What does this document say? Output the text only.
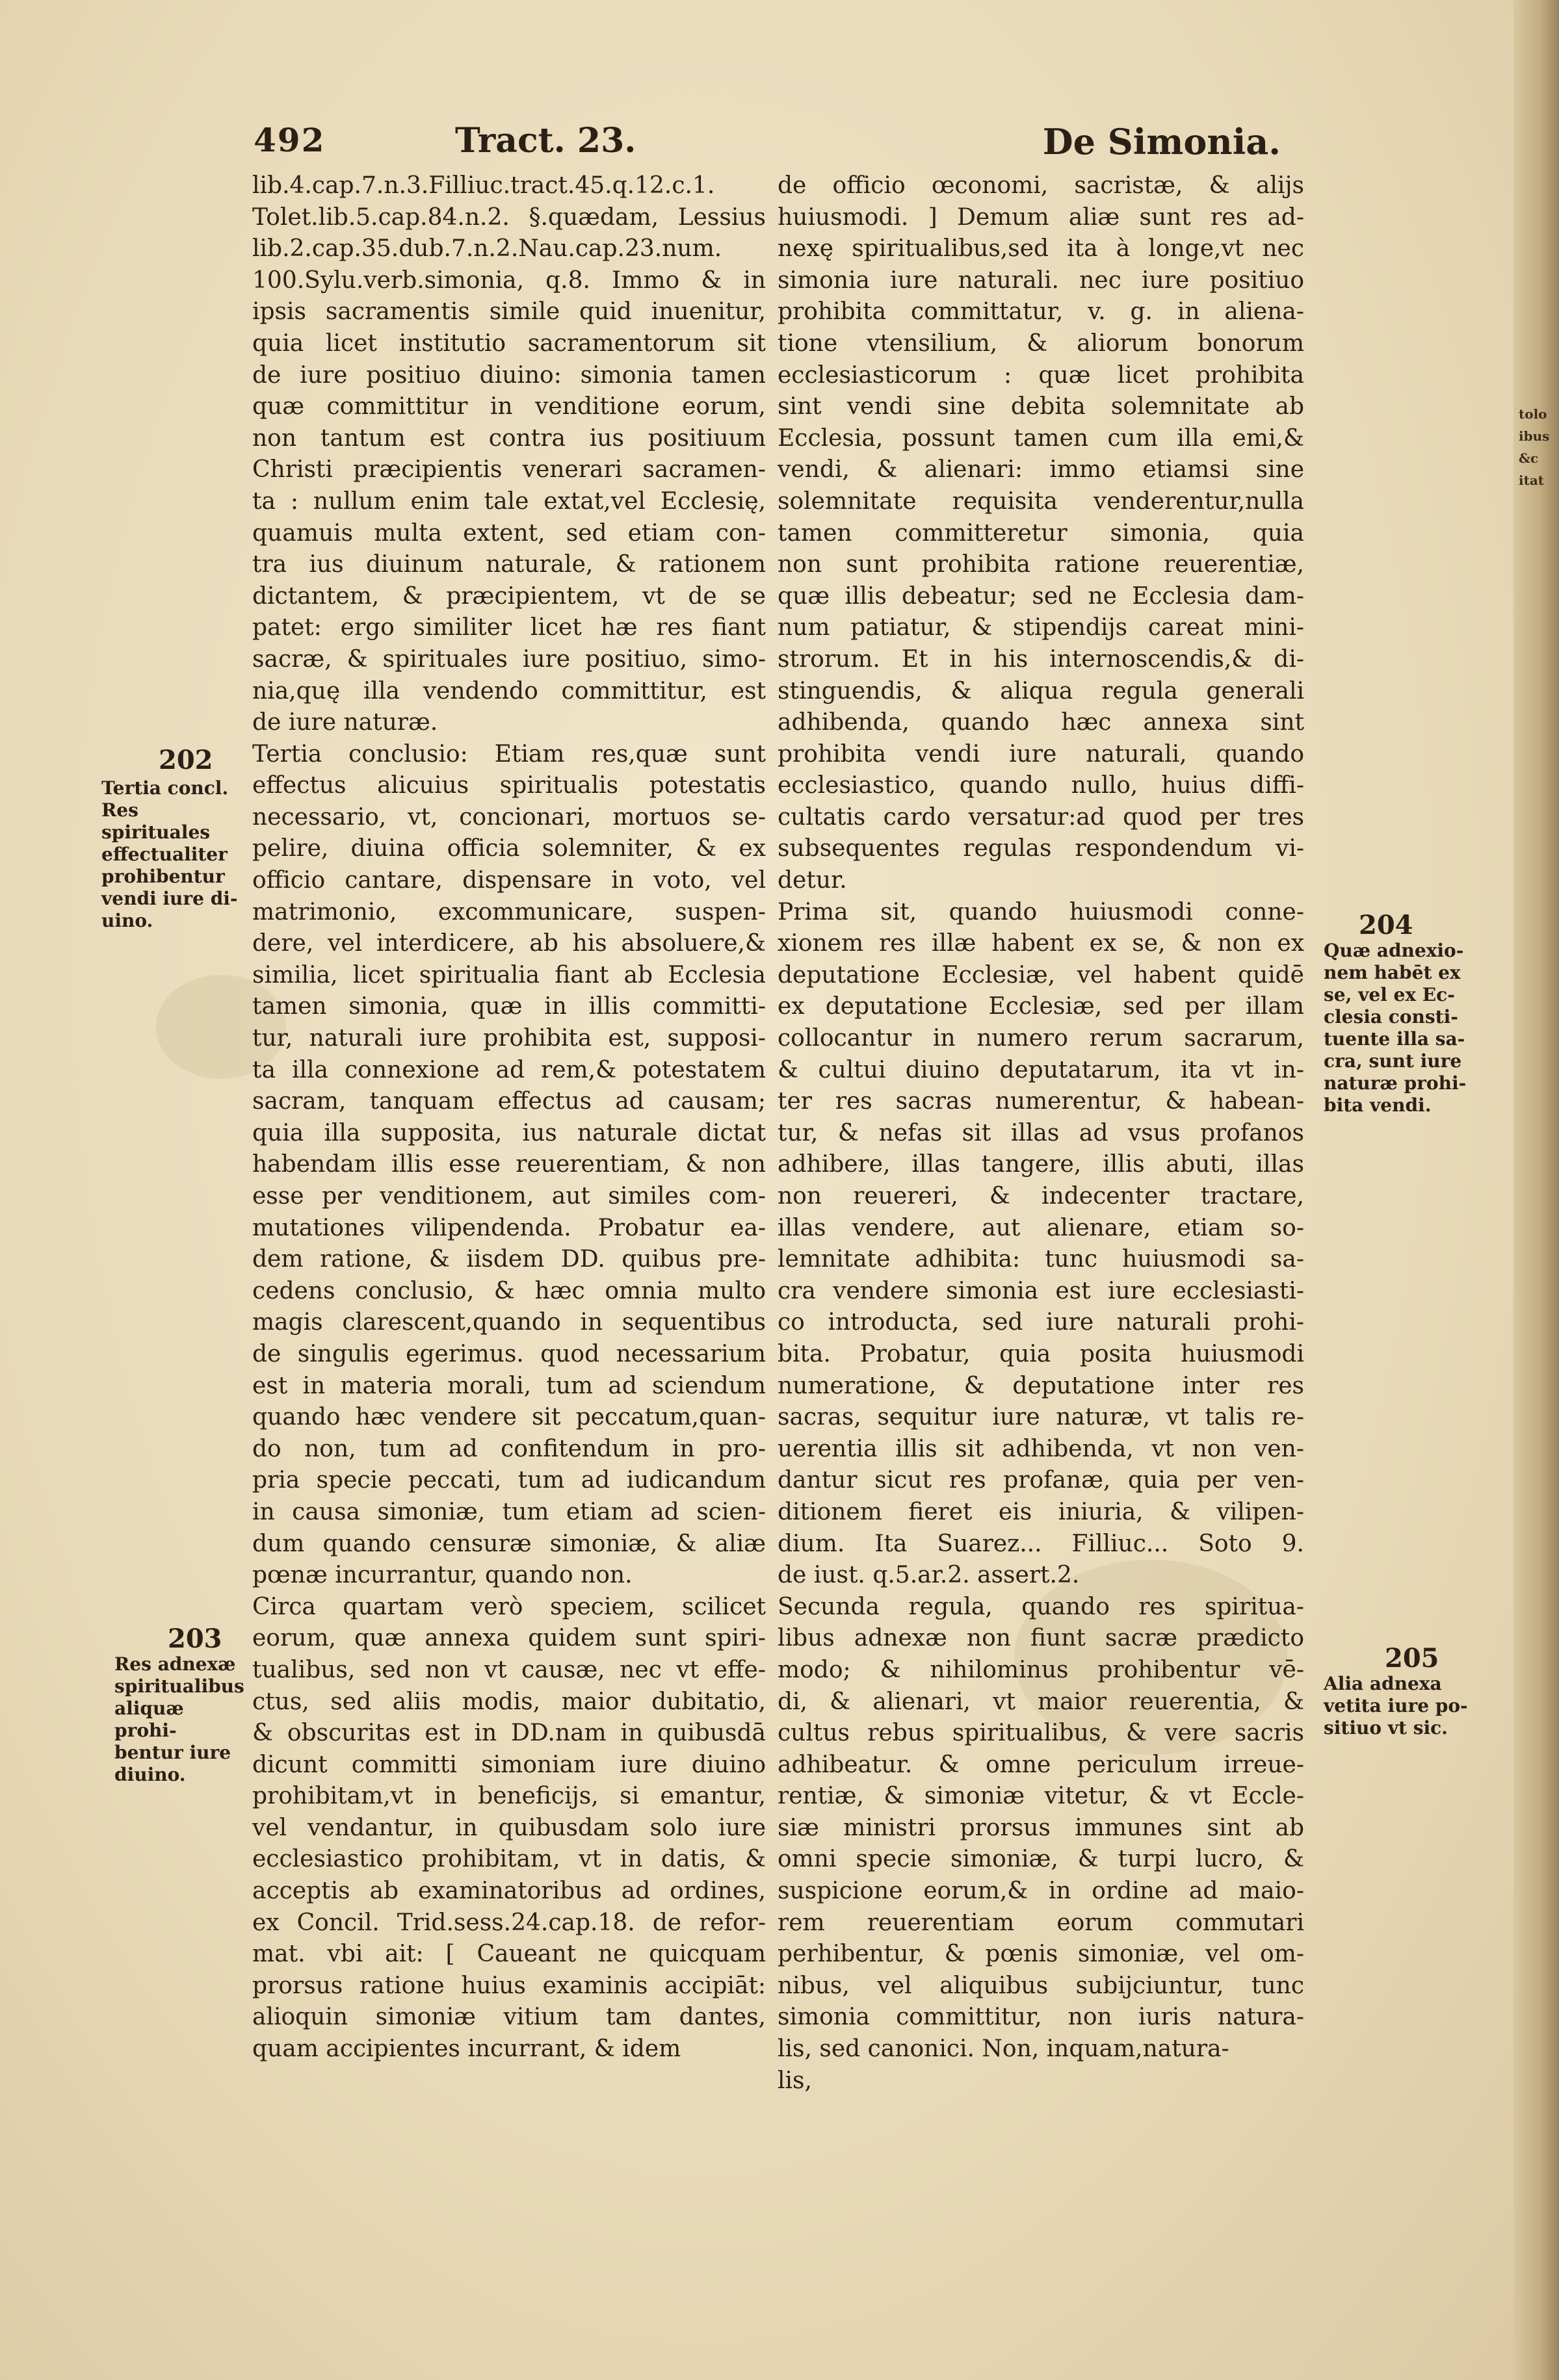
tolo
ibus
&c
itat
492	Tract. 23.	De Simonia.
lib.4.cap.7.n.3.Filliuc.tract.45.q.12.c.1.
Tolet.lib.5.cap.84.n.2. §.quædam, Lessius
lib.2.cap.35.dub.7.n.2.Nau.cap.23.num.
100.Sylu.verb.simonia, q.8. Immo & in
ipsis sacramentis simile quid inuenitur,
quia licet institutio sacramentorum sit
de iure positiuo diuino: simonia tamen
quæ committitur in venditione eorum,
non tantum est contra ius positiuum
Christi præcipientis venerari sacramen-
ta : nullum enim tale extat,vel Ecclesię,
quamuis multa extent, sed etiam con-
tra ius diuinum naturale, & rationem
dictantem, & præcipientem, vt de se
patet: ergo similiter licet hæ res fiant
sacræ, & spirituales iure positiuo, simo-
nia,quę illa vendendo committitur, est
de iure naturæ.
Tertia conclusio: Etiam res,quæ sunt
effectus alicuius spiritualis potestatis
necessario, vt, concionari, mortuos se-
pelire, diuina officia solemniter, & ex
officio cantare, dispensare in voto, vel
matrimonio, excommunicare, suspen-
dere, vel interdicere, ab his absoluere,&
similia, licet spiritualia fiant ab Ecclesia
tamen simonia, quæ in illis committi-
tur, naturali iure prohibita est, supposi-
ta illa connexione ad rem,& potestatem
sacram, tanquam effectus ad causam;
quia illa supposita, ius naturale dictat
habendam illis esse reuerentiam, & non
esse per venditionem, aut similes com-
mutationes vilipendenda. Probatur ea-
dem ratione, & iisdem DD. quibus pre-
cedens conclusio, & hæc omnia multo
magis clarescent,quando in sequentibus
de singulis egerimus. quod necessarium
est in materia morali, tum ad sciendum
quando hæc vendere sit peccatum,quan-
do non, tum ad confitendum in pro-
pria specie peccati, tum ad iudicandum
in causa simoniæ, tum etiam ad scien-
dum quando censuræ simoniæ, & aliæ
pœnæ incurrantur, quando non.
Circa quartam verò speciem, scilicet
eorum, quæ annexa quidem sunt spiri-
tualibus, sed non vt causæ, nec vt effe-
ctus, sed aliis modis, maior dubitatio,
& obscuritas est in DD.nam in quibusdā
dicunt committi simoniam iure diuino
prohibitam,vt in beneficijs, si emantur,
vel vendantur, in quibusdam solo iure
ecclesiastico prohibitam, vt in datis, &
acceptis ab examinatoribus ad ordines,
ex Concil. Trid.sess.24.cap.18. de refor-
mat. vbi ait: [ Caueant ne quicquam
prorsus ratione huius examinis accipiāt:
alioquin simoniæ vitium tam dantes,
quam accipientes incurrant, & idem
de officio œconomi, sacristæ, & alijs
huiusmodi. ] Demum aliæ sunt res ad-
nexę spiritualibus,sed ita à longe,vt nec
simonia iure naturali. nec iure positiuo
prohibita committatur, v. g. in aliena-
tione vtensilium, & aliorum bonorum
ecclesiasticorum : quæ licet prohibita
sint vendi sine debita solemnitate ab
Ecclesia, possunt tamen cum illa emi,&
vendi, & alienari: immo etiamsi sine
solemnitate requisita venderentur,nulla
tamen committeretur simonia, quia
non sunt prohibita ratione reuerentiæ,
quæ illis debeatur; sed ne Ecclesia dam-
num patiatur, & stipendijs careat mini-
strorum. Et in his internoscendis,& di-
stinguendis, & aliqua regula generali
adhibenda, quando hæc annexa sint
prohibita vendi iure naturali, quando
ecclesiastico, quando nullo, huius diffi-
cultatis cardo versatur:ad quod per tres
subsequentes regulas respondendum vi-
detur.
Prima sit, quando huiusmodi conne-
xionem res illæ habent ex se, & non ex
deputatione Ecclesiæ, vel habent quidē
ex deputatione Ecclesiæ, sed per illam
collocantur in numero rerum sacrarum,
& cultui diuino deputatarum, ita vt in-
ter res sacras numerentur, & habean-
tur, & nefas sit illas ad vsus profanos
adhibere, illas tangere, illis abuti, illas
non reuereri, & indecenter tractare,
illas vendere, aut alienare, etiam so-
lemnitate adhibita: tunc huiusmodi sa-
cra vendere simonia est iure ecclesiasti-
co introducta, sed iure naturali prohi-
bita. Probatur, quia posita huiusmodi
numeratione, & deputatione inter res
sacras, sequitur iure naturæ, vt talis re-
uerentia illis sit adhibenda, vt non ven-
dantur sicut res profanæ, quia per ven-
ditionem fieret eis iniuria, & vilipen-
dium. Ita Suarez... Filliuc... Soto 9.
de iust. q.5.ar.2. assert.2.
Secunda regula, quando res spiritua-
libus adnexæ non fiunt sacræ prædicto
modo; & nihilominus prohibentur vē-
di, & alienari, vt maior reuerentia, &
cultus rebus spiritualibus, & vere sacris
adhibeatur. & omne periculum irreue-
rentiæ, & simoniæ vitetur, & vt Eccle-
siæ ministri prorsus immunes sint ab
omni specie simoniæ, & turpi lucro, &
suspicione eorum,& in ordine ad maio-
rem reuerentiam eorum commutari
perhibentur, & pœnis simoniæ, vel om-
nibus, vel aliquibus subijciuntur, tunc
simonia committitur, non iuris natura-
lis, sed canonici. Non, inquam,natura-
lis,
202
Tertia concl.
Res spirituales
effectualiter
prohibentur
vendi iure di-
uino.
203
Res adnexæ
spiritualibus
aliquæ prohi-
bentur iure
diuino.
204
Quæ adnexio-
nem habēt ex
se, vel ex Ec-
clesia consti-
tuente illa sa-
cra, sunt iure
naturæ prohi-
bita vendi.
205
Alia adnexa
vetita iure po-
sitiuo vt sic.
